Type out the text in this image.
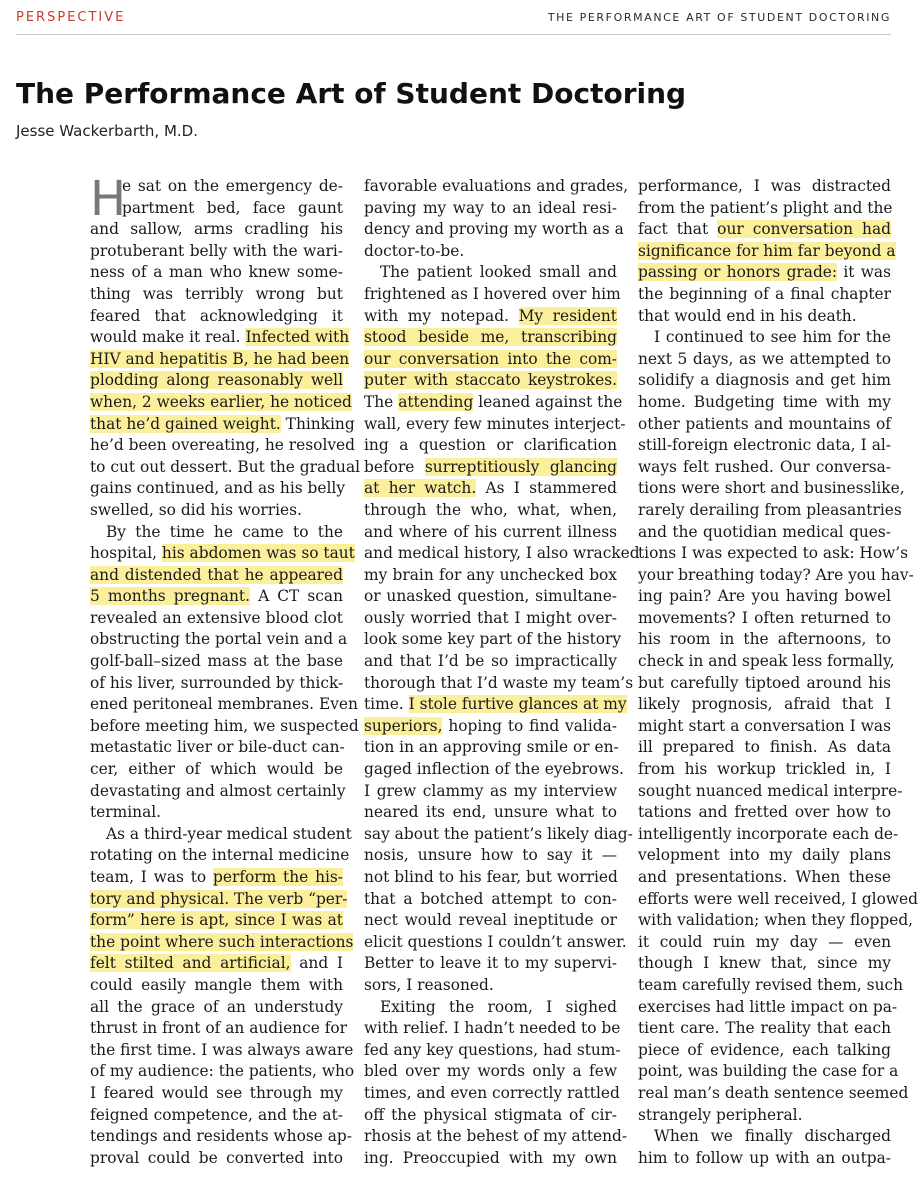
PERSPECTIVE	THE PERFORMANCE ART OF STUDENT DOCTORING
The Performance Art of Student Doctoring
Jesse Wackerbarth, M.D.
H
e sat on the emergency de-
partment bed, face gaunt
and sallow, arms cradling his
protuberant belly with the wari-
ness of a man who knew some-
thing was terribly wrong but
feared that acknowledging it
would make it real. Infected with
HIV and hepatitis B, he had been
plodding along reasonably well
when, 2 weeks earlier, he noticed
that he’d gained weight. Thinking
he’d been overeating, he resolved
to cut out dessert. But the gradual
gains continued, and as his belly
swelled, so did his worries.
By the time he came to the
hospital, his abdomen was so taut
and distended that he appeared
5 months pregnant. A CT scan
revealed an extensive blood clot
obstructing the portal vein and a
golf-ball–sized mass at the base
of his liver, surrounded by thick-
ened peritoneal membranes. Even
before meeting him, we suspected
metastatic liver or bile-duct can-
cer, either of which would be
devastating and almost certainly
terminal.
As a third-year medical student
rotating on the internal medicine
team, I was to perform the his-
tory and physical. The verb “per-
form” here is apt, since I was at
the point where such interactions
felt stilted and artificial, and I
could easily mangle them with
all the grace of an understudy
thrust in front of an audience for
the first time. I was always aware
of my audience: the patients, who
I feared would see through my
feigned competence, and the at-
tendings and residents whose ap-
proval could be converted into
favorable evaluations and grades,
paving my way to an ideal resi-
dency and proving my worth as a
doctor-to-be.
The patient looked small and
frightened as I hovered over him
with my notepad. My resident
stood beside me, transcribing
our conversation into the com-
puter with staccato keystrokes.
The attending leaned against the
wall, every few minutes interject-
ing a question or clarification
before surreptitiously glancing
at her watch. As I stammered
through the who, what, when,
and where of his current illness
and medical history, I also wracked
my brain for any unchecked box
or unasked question, simultane-
ously worried that I might over-
look some key part of the history
and that I’d be so impractically
thorough that I’d waste my team’s
time. I stole furtive glances at my
superiors, hoping to find valida-
tion in an approving smile or en-
gaged inflection of the eyebrows.
I grew clammy as my interview
neared its end, unsure what to
say about the patient’s likely diag-
nosis, unsure how to say it —
not blind to his fear, but worried
that a botched attempt to con-
nect would reveal ineptitude or
elicit questions I couldn’t answer.
Better to leave it to my supervi-
sors, I reasoned.
Exiting the room, I sighed
with relief. I hadn’t needed to be
fed any key questions, had stum-
bled over my words only a few
times, and even correctly rattled
off the physical stigmata of cir-
rhosis at the behest of my attend-
ing. Preoccupied with my own
performance, I was distracted
from the patient’s plight and the
fact that our conversation had
significance for him far beyond a
passing or honors grade: it was
the beginning of a final chapter
that would end in his death.
I continued to see him for the
next 5 days, as we attempted to
solidify a diagnosis and get him
home. Budgeting time with my
other patients and mountains of
still-foreign electronic data, I al-
ways felt rushed. Our conversa-
tions were short and businesslike,
rarely derailing from pleasantries
and the quotidian medical ques-
tions I was expected to ask: How’s
your breathing today? Are you hav-
ing pain? Are you having bowel
movements? I often returned to
his room in the afternoons, to
check in and speak less formally,
but carefully tiptoed around his
likely prognosis, afraid that I
might start a conversation I was
ill prepared to finish. As data
from his workup trickled in, I
sought nuanced medical interpre-
tations and fretted over how to
intelligently incorporate each de-
velopment into my daily plans
and presentations. When these
efforts were well received, I glowed
with validation; when they flopped,
it could ruin my day — even
though I knew that, since my
team carefully revised them, such
exercises had little impact on pa-
tient care. The reality that each
piece of evidence, each talking
point, was building the case for a
real man’s death sentence seemed
strangely peripheral.
When we finally discharged
him to follow up with an outpa-
